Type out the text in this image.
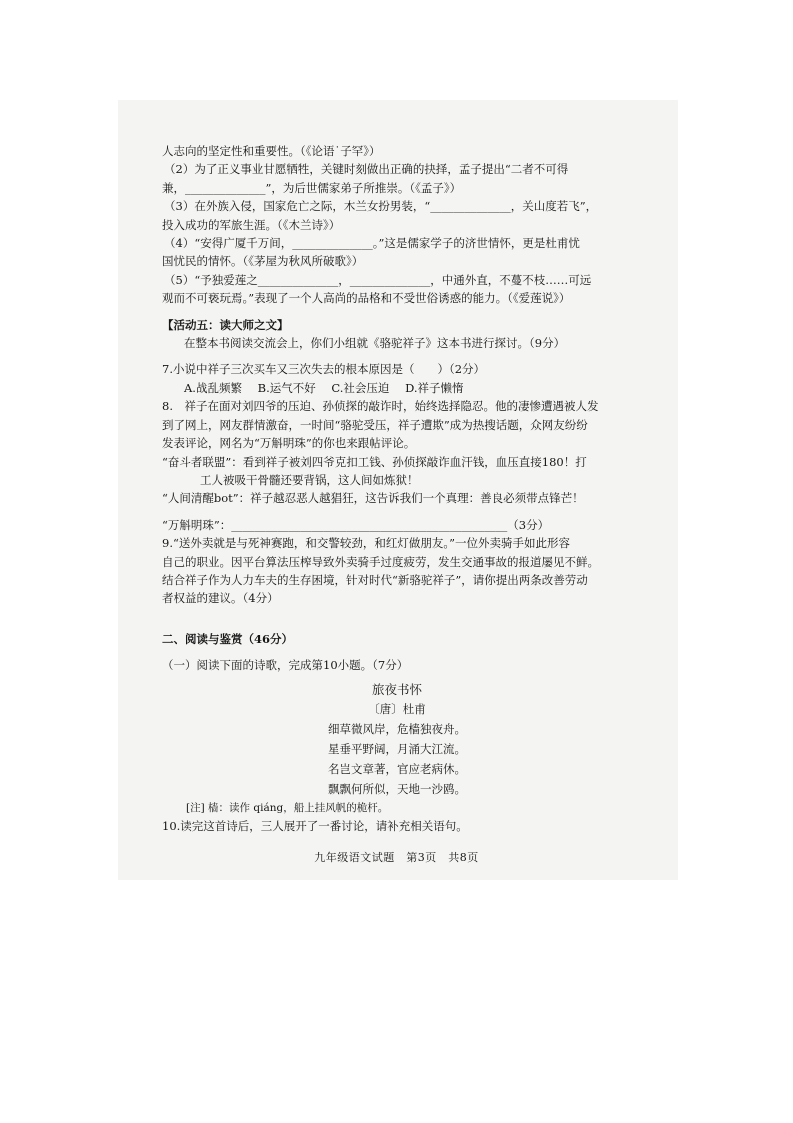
人志向的坚定性和重要性。（《论语˙子罕》）
（2）为了正义事业甘愿牺牲，关键时刻做出正确的抉择，孟子提出“二者不可得
兼，______________”，为后世儒家弟子所推崇。（《孟子》）
（3）在外族入侵，国家危亡之际，木兰女扮男装，“______________，关山度若飞”，
投入成功的军旅生涯。（《木兰诗》）
（4）“安得广厦千万间，______________。”这是儒家学子的济世情怀，更是杜甫忧
国忧民的情怀。（《茅屋为秋风所破歌》）
（5）“予独爱莲之______________，______________，中通外直，不蔓不枝……可远
观而不可亵玩焉。”表现了一个人高尚的品格和不受世俗诱惑的能力。（《爱莲说》）
【活动五：读大师之文】
在整本书阅读交流会上，你们小组就《骆驼祥子》这本书进行探讨。（9分）
7.小说中祥子三次买车又三次失去的根本原因是（　　）（2分）
A.战乱频繁 B.运气不好 C.社会压迫 D.祥子懒惰
8.　祥子在面对刘四爷的压迫、孙侦探的敲诈时，始终选择隐忍。他的凄惨遭遇被人发
到了网上，网友群情激奋，一时间“骆驼受压，祥子遭欺”成为热搜话题，众网友纷纷
发表评论，网名为“万斛明珠”的你也来跟帖评论。
“奋斗者联盟”：看到祥子被刘四爷克扣工钱、孙侦探敲诈血汗钱，血压直接180！打
工人被吸干骨髓还要背锅，这人间如炼狱！
“人间清醒bot”：祥子越忍恶人越猖狂，这告诉我们一个真理：善良必须带点锋芒！
“万斛明珠”：________________________________________________（3分）
9.“送外卖就是与死神赛跑，和交警较劲，和红灯做朋友。”一位外卖骑手如此形容
自己的职业。因平台算法压榨导致外卖骑手过度疲劳，发生交通事故的报道屡见不鲜。
结合祥子作为人力车夫的生存困境，针对时代“新骆驼祥子”，请你提出两条改善劳动
者权益的建议。（4分）
二、阅读与鉴赏（46分）
（一）阅读下面的诗歌，完成第10小题。（7分）
旅夜书怀
〔唐〕杜甫
细草微风岸，危樯独夜舟。
星垂平野阔，月涌大江流。
名岂文章著，官应老病休。
飘飘何所似，天地一沙鸥。
[注] 樯：读作 qiáng，船上挂风帆的桅杆。
10.读完这首诗后，三人展开了一番讨论，请补充相关语句。
九年级语文试题　第3页　共8页
